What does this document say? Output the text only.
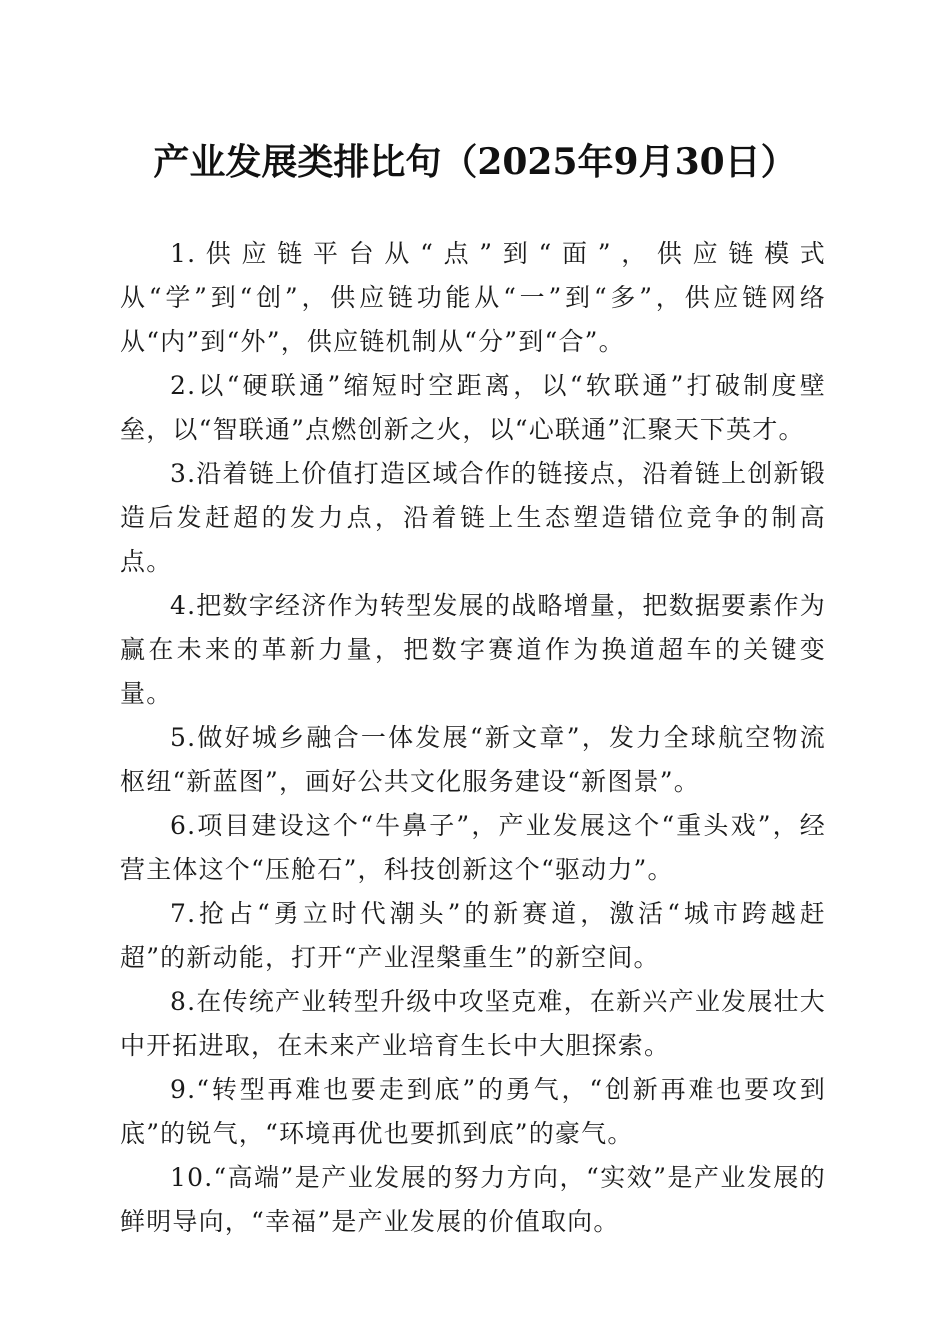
产业发展类排比句（2025年9月30日）

1.供应链平台从“点”到“面”，供应链模式从“学”到“创”，供应链功能从“一”到“多”，供应链网络从“内”到“外”，供应链机制从“分”到“合”。

2.以“硬联通”缩短时空距离，以“软联通”打破制度壁垒，以“智联通”点燃创新之火，以“心联通”汇聚天下英才。

3.沿着链上价值打造区域合作的链接点，沿着链上创新锻造后发赶超的发力点，沿着链上生态塑造错位竞争的制高点。

4.把数字经济作为转型发展的战略增量，把数据要素作为赢在未来的革新力量，把数字赛道作为换道超车的关键变量。

5.做好城乡融合一体发展“新文章”，发力全球航空物流枢纽“新蓝图”，画好公共文化服务建设“新图景”。

6.项目建设这个“牛鼻子”，产业发展这个“重头戏”，经营主体这个“压舱石”，科技创新这个“驱动力”。

7.抢占“勇立时代潮头”的新赛道，激活“城市跨越赶超”的新动能，打开“产业涅槃重生”的新空间。

8.在传统产业转型升级中攻坚克难，在新兴产业发展壮大中开拓进取，在未来产业培育生长中大胆探索。

9.“转型再难也要走到底”的勇气，“创新再难也要攻到底”的锐气，“环境再优也要抓到底”的豪气。

10.“高端”是产业发展的努力方向，“实效”是产业发展的鲜明导向，“幸福”是产业发展的价值取向。
